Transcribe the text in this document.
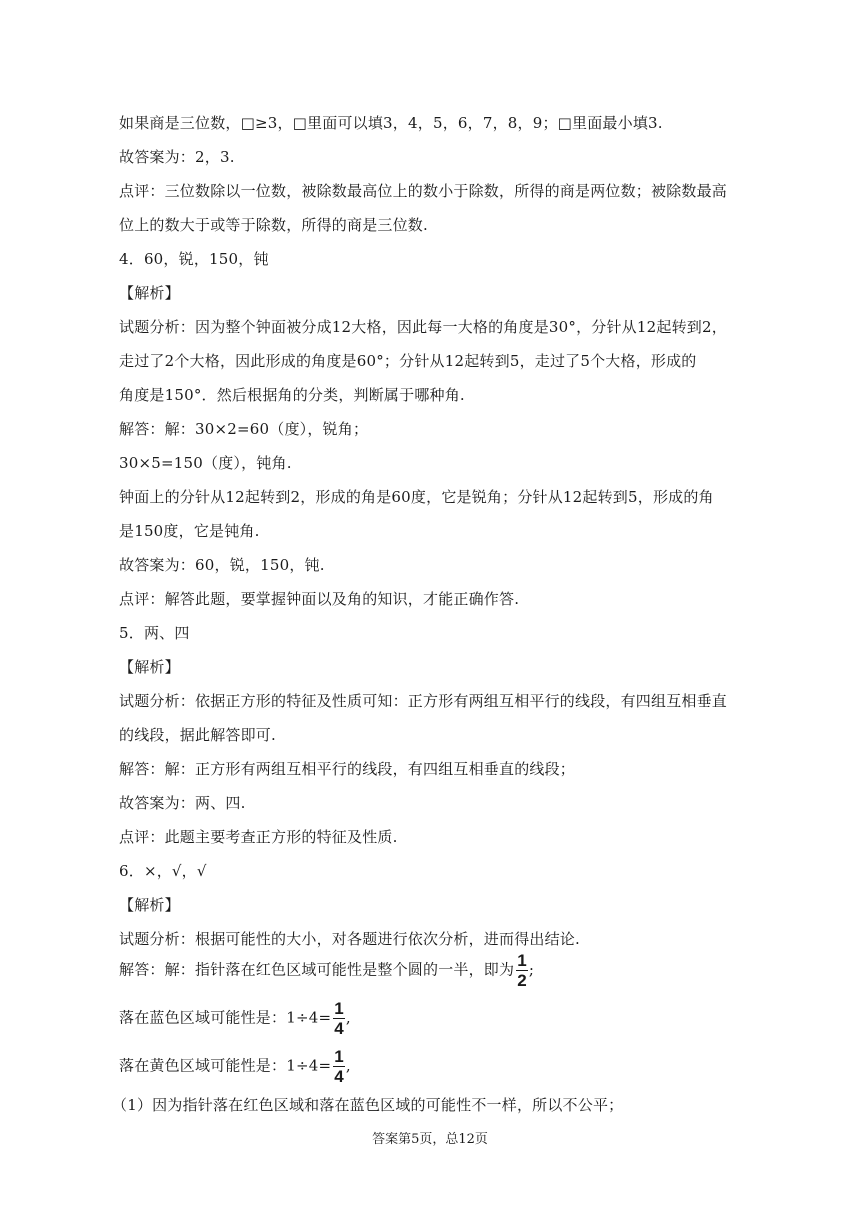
如果商是三位数，□≥3，□里面可以填3，4，5，6，7，8，9；□里面最小填3.
故答案为：2，3.
点评：三位数除以一位数，被除数最高位上的数小于除数，所得的商是两位数；被除数最高
位上的数大于或等于除数，所得的商是三位数.
4．60，锐，150，钝
【解析】
试题分析：因为整个钟面被分成12大格，因此每一大格的角度是30°，分针从12起转到2，
走过了2个大格，因此形成的角度是60°；分针从12起转到5，走过了5个大格，形成的
角度是150°．然后根据角的分类，判断属于哪种角.
解答：解：30×2=60（度），锐角；
30×5=150（度），钝角.
钟面上的分针从12起转到2，形成的角是60度，它是锐角；分针从12起转到5，形成的角
是150度，它是钝角.
故答案为：60，锐，150，钝.
点评：解答此题，要掌握钟面以及角的知识，才能正确作答.
5．两、四
【解析】
试题分析：依据正方形的特征及性质可知：正方形有两组互相平行的线段，有四组互相垂直
的线段，据此解答即可.
解答：解：正方形有两组互相平行的线段，有四组互相垂直的线段；
故答案为：两、四.
点评：此题主要考查正方形的特征及性质.
6．×，√，√
【解析】
试题分析：根据可能性的大小，对各题进行依次分析，进而得出结论.
解答：解：指针落在红色区域可能性是整个圆的一半，即为 $\frac{1}{2}$ ;
落在蓝色区域可能性是：$1\div 4= \frac{1}{4}$ ,
落在黄色区域可能性是：$1\div 4= \frac{1}{4}$ ,
（1）因为指针落在红色区域和落在蓝色区域的可能性不一样，所以不公平；
答案第5页，总12页
